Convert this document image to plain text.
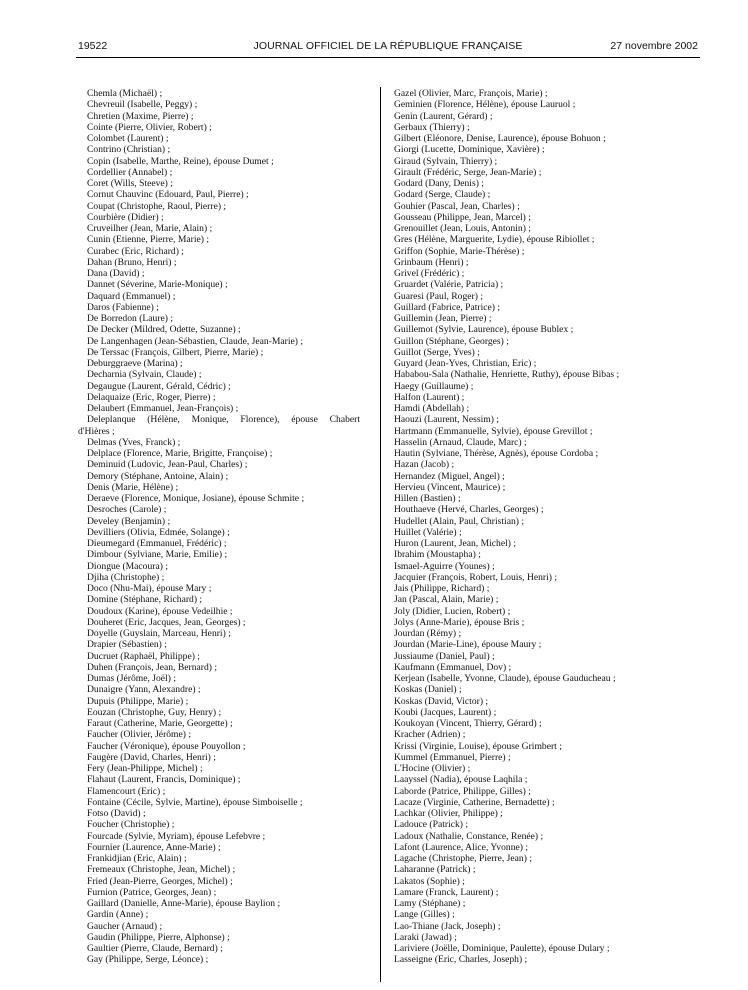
19522	JOURNAL OFFICIEL DE LA RÉPUBLIQUE FRANÇAISE	27 novembre 2002
Chemla (Michaël) ;
Chevreuil (Isabelle, Peggy) ;
Chretien (Maxime, Pierre) ;
Cointe (Pierre, Olivier, Robert) ;
Colombet (Laurent) ;
Contrino (Christian) ;
Copin (Isabelle, Marthe, Reine), épouse Dumet ;
Cordellier (Annabel) ;
Coret (Wills, Steeve) ;
Cornut Chauvinc (Edouard, Paul, Pierre) ;
Coupat (Christophe, Raoul, Pierre) ;
Courbière (Didier) ;
Cruveilher (Jean, Marie, Alain) ;
Cunin (Etienne, Pierre, Marie) ;
Curabec (Eric, Richard) ;
Dahan (Bruno, Henri) ;
Dana (David) ;
Dannet (Séverine, Marie-Monique) ;
Daquard (Emmanuel) ;
Daros (Fabienne) ;
De Borredon (Laure) ;
De Decker (Mildred, Odette, Suzanne) ;
De Langenhagen (Jean-Sébastien, Claude, Jean-Marie) ;
De Terssac (François, Gilbert, Pierre, Marie) ;
Deburggraeve (Marina) ;
Decharnia (Sylvain, Claude) ;
Degaugue (Laurent, Gérald, Cédric) ;
Delaquaize (Eric, Roger, Pierre) ;
Delaubert (Emmanuel, Jean-François) ;
Deleplanque (Hélène, Monique, Florence), épouse Chabert
d'Hières ;
Delmas (Yves, Franck) ;
Delplace (Florence, Marie, Brigitte, Françoise) ;
Deminuid (Ludovic, Jean-Paul, Charles) ;
Demory (Stéphane, Antoine, Alain) ;
Denis (Marie, Hélène) ;
Deraeve (Florence, Monique, Josiane), épouse Schmite ;
Desroches (Carole) ;
Develey (Benjamin) ;
Devilliers (Olivia, Edmée, Solange) ;
Dieumegard (Emmanuel, Frédéric) ;
Dimbour (Sylviane, Marie, Emilie) ;
Diongue (Macoura) ;
Djiha (Christophe) ;
Doco (Nhu-Mai), épouse Mary ;
Domine (Stéphane, Richard) ;
Doudoux (Karine), épouse Vedeilhie ;
Douheret (Eric, Jacques, Jean, Georges) ;
Doyelle (Guyslain, Marceau, Henri) ;
Drapier (Sébastien) ;
Ducruet (Raphaël, Philippe) ;
Duhen (François, Jean, Bernard) ;
Dumas (Jérôme, Joël) ;
Dunaigre (Yann, Alexandre) ;
Dupuis (Philippe, Marie) ;
Eouzan (Christophe, Guy, Henry) ;
Faraut (Catherine, Marie, Georgette) ;
Faucher (Olivier, Jérôme) ;
Faucher (Véronique), épouse Pouyollon ;
Faugère (David, Charles, Henri) ;
Fery (Jean-Philippe, Michel) ;
Flahaut (Laurent, Francis, Dominique) ;
Flamencourt (Eric) ;
Fontaine (Cécile, Sylvie, Martine), épouse Simboiselle ;
Fotso (David) ;
Foucher (Christophe) ;
Fourcade (Sylvie, Myriam), épouse Lefebvre ;
Fournier (Laurence, Anne-Marie) ;
Frankidjian (Eric, Alain) ;
Fremeaux (Christophe, Jean, Michel) ;
Fried (Jean-Pierre, Georges, Michel) ;
Furnion (Patrice, Georges, Jean) ;
Gaillard (Danielle, Anne-Marie), épouse Baylion ;
Gardin (Anne) ;
Gaucher (Arnaud) ;
Gaudin (Philippe, Pierre, Alphonse) ;
Gaultier (Pierre, Claude, Bernard) ;
Gay (Philippe, Serge, Léonce) ;
Gazel (Olivier, Marc, François, Marie) ;
Geminien (Florence, Hélène), épouse Lauruol ;
Genin (Laurent, Gérard) ;
Gerbaux (Thierry) ;
Gilbert (Eléonore, Denise, Laurence), épouse Bohuon ;
Giorgi (Lucette, Dominique, Xavière) ;
Giraud (Sylvain, Thierry) ;
Girault (Frédéric, Serge, Jean-Marie) ;
Godard (Dany, Denis) ;
Godard (Serge, Claude) ;
Gouhier (Pascal, Jean, Charles) ;
Gousseau (Philippe, Jean, Marcel) ;
Grenouillet (Jean, Louis, Antonin) ;
Gres (Hélène, Marguerite, Lydie), épouse Ribiollet ;
Griffon (Sophie, Marie-Thérèse) ;
Grinbaum (Henri) ;
Grivel (Frédéric) ;
Gruardet (Valérie, Patricia) ;
Guaresi (Paul, Roger) ;
Guillard (Fabrice, Patrice) ;
Guillemin (Jean, Pierre) ;
Guillemot (Sylvie, Laurence), épouse Bublex ;
Guillon (Stéphane, Georges) ;
Guillot (Serge, Yves) ;
Guyard (Jean-Yves, Christian, Eric) ;
Hababou-Sala (Nathalie, Henriette, Ruthy), épouse Bibas ;
Haegy (Guillaume) ;
Halfon (Laurent) ;
Hamdi (Abdellah) ;
Haouzi (Laurent, Nessim) ;
Hartmann (Emmanuelle, Sylvie), épouse Grevillot ;
Hasselin (Arnaud, Claude, Marc) ;
Hautin (Sylviane, Thérèse, Agnès), épouse Cordoba ;
Hazan (Jacob) ;
Hernandez (Miguel, Angel) ;
Hervieu (Vincent, Maurice) ;
Hillen (Bastien) ;
Houthaeve (Hervé, Charles, Georges) ;
Hudellet (Alain, Paul, Christian) ;
Huillet (Valérie) ;
Huron (Laurent, Jean, Michel) ;
Ibrahim (Moustapha) ;
Ismael-Aguirre (Younes) ;
Jacquier (François, Robert, Louis, Henri) ;
Jais (Philippe, Richard) ;
Jan (Pascal, Alain, Marie) ;
Joly (Didier, Lucien, Robert) ;
Jolys (Anne-Marie), épouse Bris ;
Jourdan (Rémy) ;
Jourdan (Marie-Line), épouse Maury ;
Jussiaume (Daniel, Paul) ;
Kaufmann (Emmanuel, Dov) ;
Kerjean (Isabelle, Yvonne, Claude), épouse Gauducheau ;
Koskas (Daniel) ;
Koskas (David, Victor) ;
Koubi (Jacques, Laurent) ;
Koukoyan (Vincent, Thierry, Gérard) ;
Kracher (Adrien) ;
Krissi (Virginie, Louise), épouse Grimbert ;
Kummel (Emmanuel, Pierre) ;
L'Hocine (Olivier) ;
Laayssel (Nadia), épouse Laqhila ;
Laborde (Patrice, Philippe, Gilles) ;
Lacaze (Virginie, Catherine, Bernadette) ;
Lachkar (Olivier, Philippe) ;
Ladouce (Patrick) ;
Ladoux (Nathalie, Constance, Renée) ;
Lafont (Laurence, Alice, Yvonne) ;
Lagache (Christophe, Pierre, Jean) ;
Laharanne (Patrick) ;
Lakatos (Sophie) ;
Lamare (Franck, Laurent) ;
Lamy (Stéphane) ;
Lange (Gilles) ;
Lao-Thiane (Jack, Joseph) ;
Laraki (Jawad) ;
Lariviere (Joëlle, Dominique, Paulette), épouse Dulary ;
Lasseigne (Eric, Charles, Joseph) ;
